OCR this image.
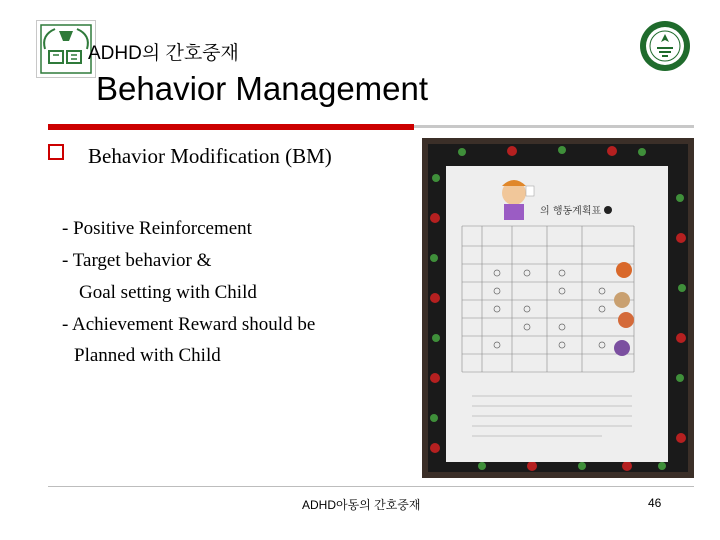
ADHD의 간호중재
Behavior Management
Behavior Modification (BM)
- Positive Reinforcement
- Target behavior &
Goal setting with Child
- Achievement Reward should be
Planned with Child
의 행동계획표
ADHD아동의 간호중재	46
